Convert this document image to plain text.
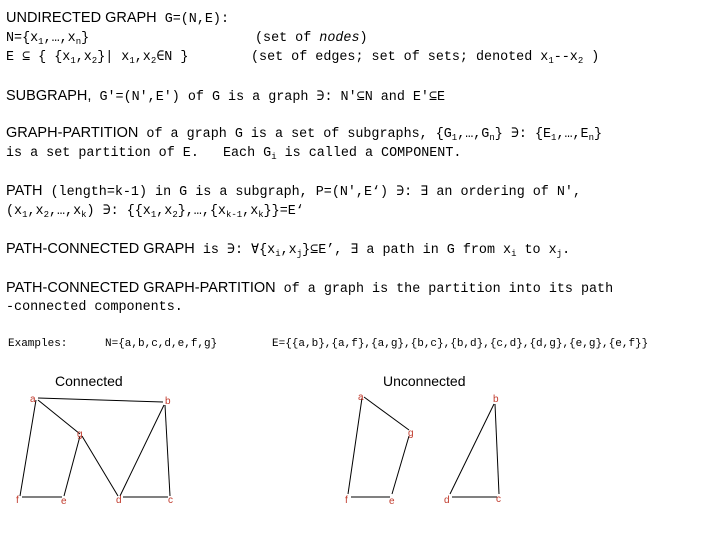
UNDIRECTED GRAPH G=(N,E):
$N=\{x_1,\dots,x_n\}$	(set of nodes)
E ⊆ { $\{x_1,x_2\}|$ $x_1,x_2\in N$ }	(set of edges; set of sets; denoted $x_1--x_2$ )
SUBGRAPH, G'=(N',E') of G is a graph ∋: N'⊆N and E'⊆E
GRAPH-PARTITION of a graph G is a set of subgraphs, $\{G_1,\dots,G_n\}$ ∋: $\{E_1,\dots,E_n\}$
is a set partition of E.   Each $G_i$ is called a COMPONENT.
PATH (length=k-1) in G is a subgraph, P=(N',E‘) ∋: ∃ an ordering of N',
$(x_1,x_2,\dots,x_k)$ ∋: $\{\{x_1,x_2\},\dots,\{x_{k-1},x_k\}\}=E‘$
PATH-CONNECTED GRAPH is ∋: $\forall\{x_i,x_j\}⊆E$’, ∃ a path in G from $x_i$ to $x_j$.
PATH-CONNECTED GRAPH-PARTITION of a graph is the partition into its path
-connected components.
Examples:	N={a,b,c,d,e,f,g}	E={{a,b},{a,f},{a,g},{b,c},{b,d},{c,d},{d,g},{e,g},{e,f}}
Connected	Unconnected
a	b
g
f	e	d	c
a	b
g
f	e	d	c
